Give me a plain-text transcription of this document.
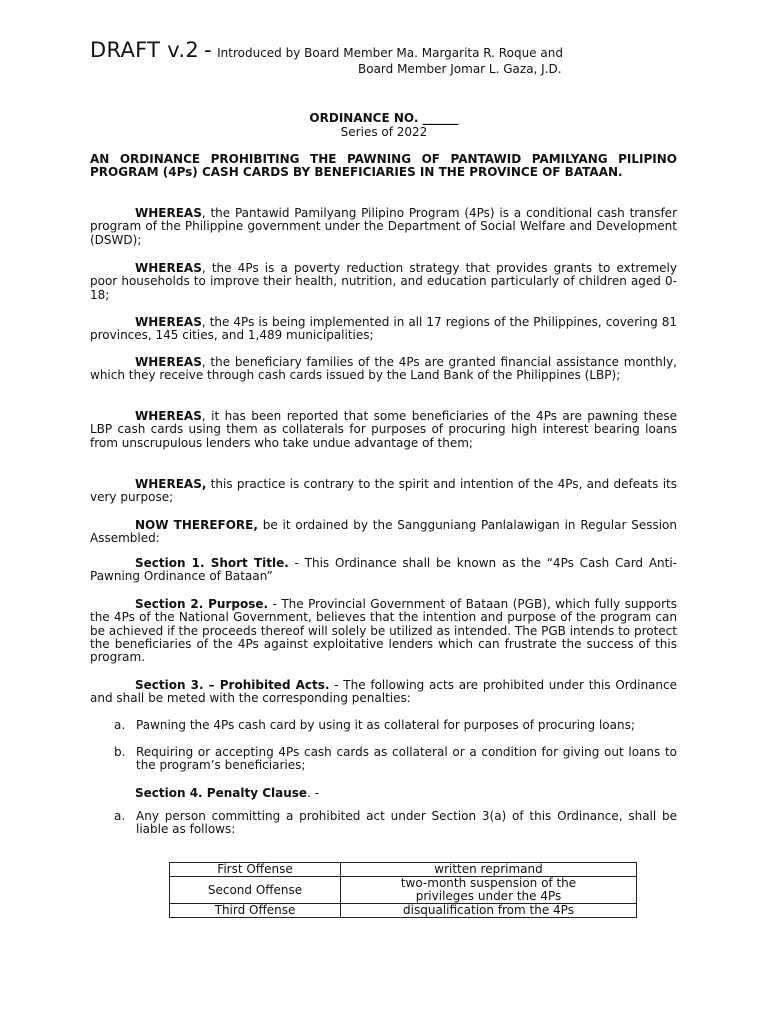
DRAFT v.2 - Introduced by Board Member Ma. Margarita R. Roque and
Board Member Jomar L. Gaza, J.D.
ORDINANCE NO. ______
Series of 2022
AN ORDINANCE PROHIBITING THE PAWNING OF PANTAWID PAMILYANG PILIPINO PROGRAM (4Ps) CASH CARDS BY BENEFICIARIES IN THE PROVINCE OF BATAAN.
WHEREAS, the Pantawid Pamilyang Pilipino Program (4Ps) is a conditional cash transfer program of the Philippine government under the Department of Social Welfare and Development (DSWD);
WHEREAS, the 4Ps is a poverty reduction strategy that provides grants to extremely poor households to improve their health, nutrition, and education particularly of children aged 0-18;
WHEREAS, the 4Ps is being implemented in all 17 regions of the Philippines, covering 81 provinces, 145 cities, and 1,489 municipalities;
WHEREAS, the beneficiary families of the 4Ps are granted financial assistance monthly, which they receive through cash cards issued by the Land Bank of the Philippines (LBP);
WHEREAS, it has been reported that some beneficiaries of the 4Ps are pawning these LBP cash cards using them as collaterals for purposes of procuring high interest bearing loans from unscrupulous lenders who take undue advantage of them;
WHEREAS, this practice is contrary to the spirit and intention of the 4Ps, and defeats its very purpose;
NOW THEREFORE, be it ordained by the Sangguniang Panlalawigan in Regular Session Assembled:
Section 1. Short Title. - This Ordinance shall be known as the “4Ps Cash Card Anti-Pawning Ordinance of Bataan”
Section 2. Purpose. - The Provincial Government of Bataan (PGB), which fully supports the 4Ps of the National Government, believes that the intention and purpose of the program can be achieved if the proceeds thereof will solely be utilized as intended. The PGB intends to protect the beneficiaries of the 4Ps against exploitative lenders which can frustrate the success of this program.
Section 3. – Prohibited Acts. - The following acts are prohibited under this Ordinance and shall be meted with the corresponding penalties:
a. Pawning the 4Ps cash card by using it as collateral for purposes of procuring loans;
b. Requiring or accepting 4Ps cash cards as collateral or a condition for giving out loans to the program’s beneficiaries;
Section 4. Penalty Clause. -
a. Any person committing a prohibited act under Section 3(a) of this Ordinance, shall be liable as follows:
First Offense	written reprimand
Second Offense	two-month suspension of the privileges under the 4Ps
Third Offense	disqualification from the 4Ps
